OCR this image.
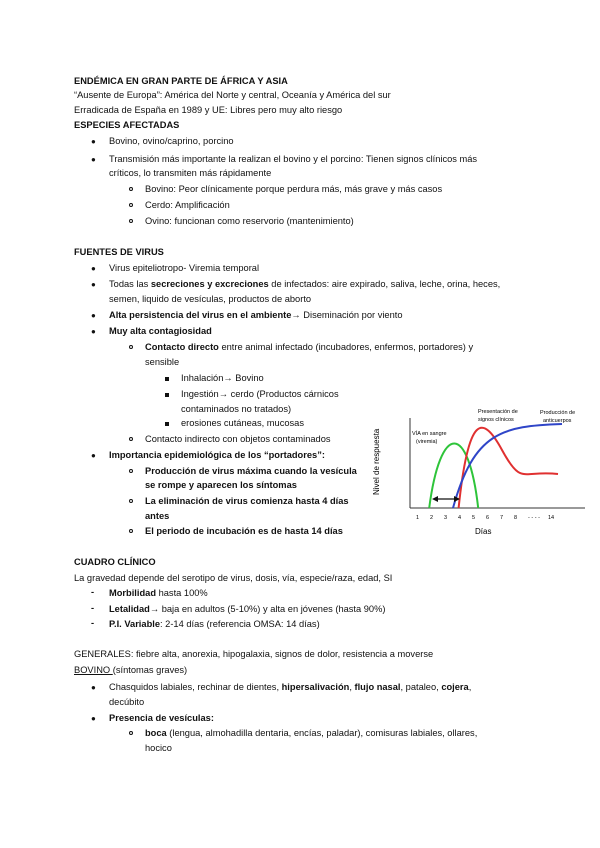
ENDÉMICA EN GRAN PARTE DE ÁFRICA Y ASIA
“Ausente de Europa”: América del Norte y central, Oceanía y América del sur
Erradicada de España en 1989 y UE: Libres pero muy alto riesgo
ESPECIES AFECTADAS
● Bovino, ovino/caprino, porcino
● Transmisión más importante la realizan el bovino y el porcino: Tienen signos clínicos más
críticos, lo transmiten más rápidamente
Bovino: Peor clínicamente porque perdura más, más grave y más casos
Cerdo: Amplificación
Ovino: funcionan como reservorio (mantenimiento)
FUENTES DE VIRUS
● Virus epiteliotropo- Viremia temporal
● Todas las secreciones y excreciones de infectados: aire expirado, saliva, leche, orina, heces,
semen, liquido de vesículas, productos de aborto
● Alta persistencia del virus en el ambiente→ Diseminación por viento
● Muy alta contagiosidad
Contacto directo entre animal infectado (incubadores, enfermos, portadores) y
sensible
Inhalación→ Bovino
Ingestión→ cerdo (Productos cárnicos
contaminados no tratados)
erosiones cutáneas, mucosas
Contacto indirecto con objetos contaminados
● Importancia epidemiológica de los “portadores”:
Producción de virus máxima cuando la vesícula
se rompe y aparecen los síntomas
La eliminación de virus comienza hasta 4 días
antes
El periodo de incubación es de hasta 14 días
Nivel de respuesta
Días
1 2 3 4 5 6 7 8 - - - - 14
VÍA en sangre
(viremia)
Presentación de
signos clínicos
Producción de
anticuerpos
CUADRO CLÍNICO
La gravedad depende del serotipo de virus, dosis, vía, especie/raza, edad, SI
- Morbilidad hasta 100%
- Letalidad→ baja en adultos (5-10%) y alta en jóvenes (hasta 90%)
- P.I. Variable: 2-14 días (referencia OMSA: 14 días)
GENERALES: fiebre alta, anorexia, hipogalaxia, signos de dolor, resistencia a moverse
BOVINO (síntomas graves)
● Chasquidos labiales, rechinar de dientes, hipersalivación, flujo nasal, pataleo, cojera,
decúbito
● Presencia de vesículas:
boca (lengua, almohadilla dentaria, encías, paladar), comisuras labiales, ollares,
hocico
